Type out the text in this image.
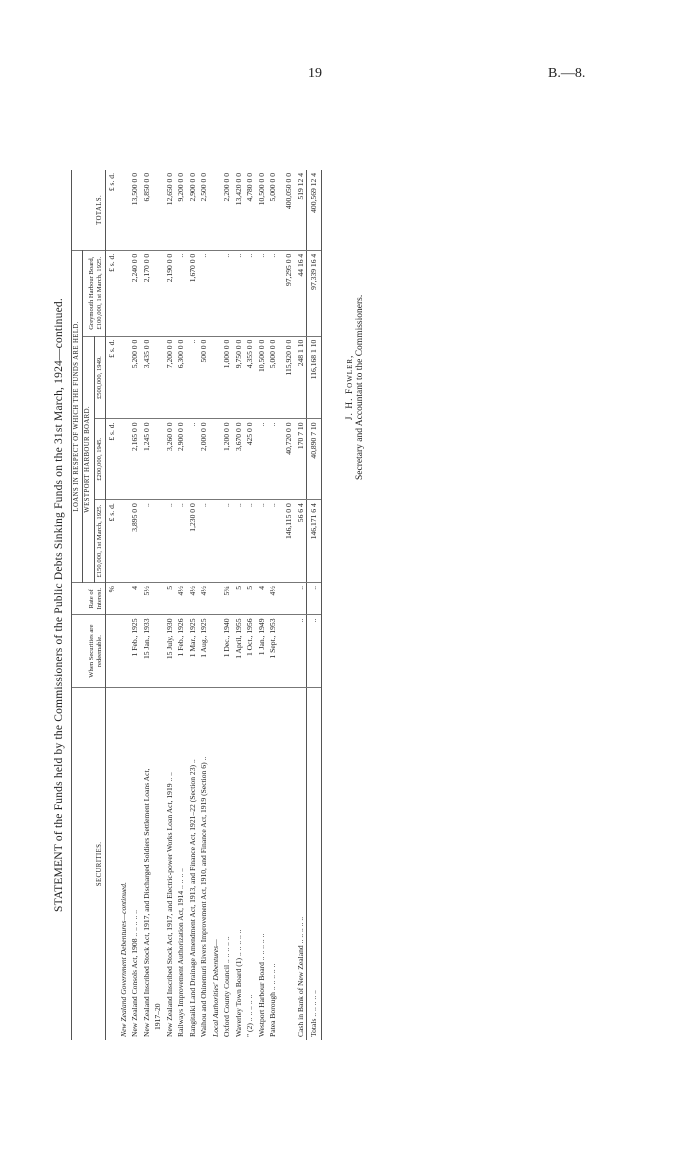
19	B.—8.
STATEMENT of the Funds held by the Commissioners of the Public Debts Sinking Funds on the 31st March, 1924—continued.	SECURITIES.	When Securities are redeemable.	Rate of Interest.	LOANS IN RESPECT OF WHICH THE FUNDS ARE HELD.				TOTALS.
			WESTPORT HARBOUR BOARD.			Greymouth Harbour Board, £100,000, 1st March, 1925.	
			£150,000, 1st March, 1925.	£200,000, 1945.	£500,000, 1949.		
		%	£ s. d.	£ s. d.	£ s. d.	£ s. d.	£ s. d.
New Zealand Government Debentures—continued.							
New Zealand Consols Act, 1908 .. .. .. .. ..	1 Feb., 1925	4	3,895 0 0	2,165 0 0	5,200 0 0	2,240 0 0	13,500 0 0
New Zealand Inscribed Stock Act, 1917, and Discharged Soldiers Settlement Loans Act,	15 Jan., 1933	5½	..	1,245 0 0	3,435 0 0	2,170 0 0	6,850 0 0
1917–20							
New Zealand Inscribed Stock Act, 1917, and Electric-power Works Loan Act, 1919 .. ..	15 July, 1930	5	..	3,260 0 0	7,200 0 0	2,190 0 0	12,650 0 0
Railways Improvement Authorization Act, 1914 .. .. .. ..	1 Feb., 1926	4½	..	2,900 0 0	6,300 0 0	..	9,200 0 0
Rangitaiki Land Drainage Amendment Act, 1913, and Finance Act, 1921–22 (Section 23) ..	1 Mar., 1925	4½	1,230 0 0	..	..	1,670 0 0	2,900 0 0
Waihou and Ohinemuri Rivers Improvement Act, 1910, and Finance Act, 1919 (Section 6) ..	1 Aug., 1925	4½	..	2,000 0 0	500 0 0	..	2,500 0 0
Local Authorities' Debentures—							
Oxford County Council .. .. .. .. ..	1 Dec., 1940	5¾	..	1,200 0 0	1,000 0 0	..	2,200 0 0
Waverley Town Board (1) .. .. .. .. ..	1 April, 1955	5	..	3,670 0 0	9,750 0 0	..	13,420 0 0
" (2) .. .. .. .. ..	1 Oct., 1956	5	..	425 0 0	4,355 0 0	..	4,780 0 0
Westport Harbour Board .. .. .. .. ..	1 Jan., 1949	4	..	..	10,500 0 0	..	10,500 0 0
Patea Borough .. .. .. .. ..	1 Sept., 1953	4½	..	..	5,000 0 0	..	5,000 0 0
			146,115 0 0	40,720 0 0	115,920 0 0	97,295 0 0	400,050 0 0
Cash in Bank of New Zealand .. .. .. .. ..	..	..	56 6 4	170 7 10	248 1 10	44 16 4	519 12 4
Totals .. .. .. .. ..	..	..	146,171 6 4	40,890 7 10	116,168 1 10	97,339 16 4	400,569 12 4
J. H. Fowler, Secretary and Accountant to the Commissioners.
